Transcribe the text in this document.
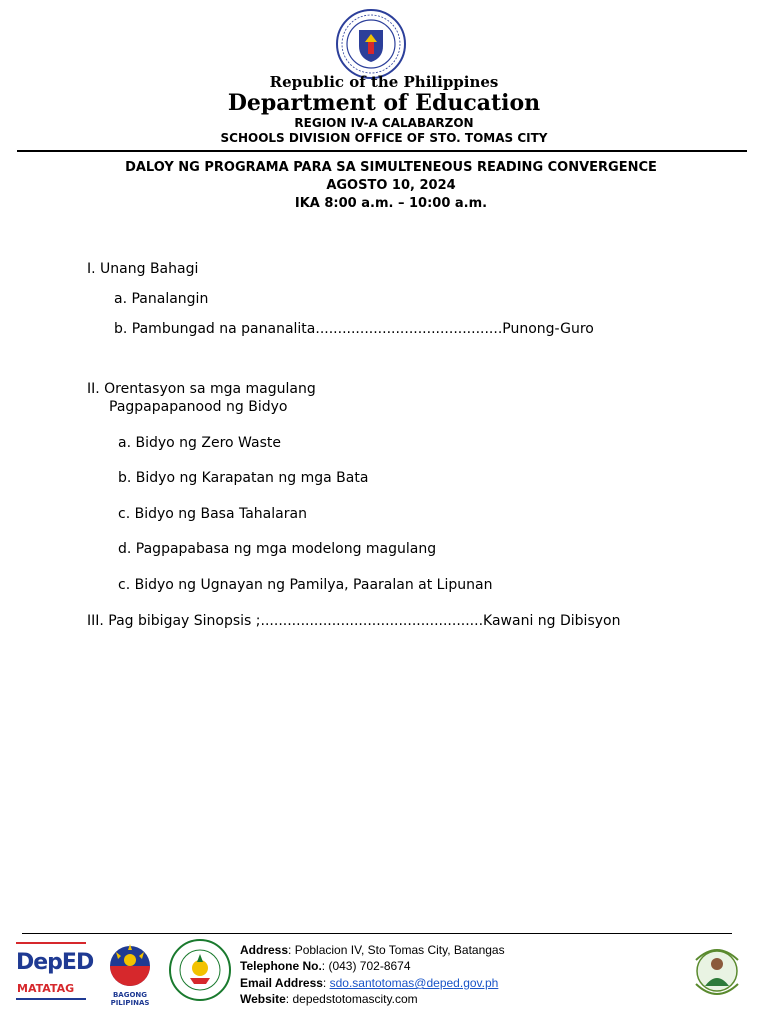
Republic of the Philippines

Department of Education

REGION IV-A CALABARZON

SCHOOLS DIVISION OFFICE OF STO. TOMAS CITY

DALOY NG PROGRAMA PARA SA SIMULTENEOUS READING CONVERGENCE
AGOSTO 10, 2024
IKA 8:00 a.m. – 10:00 a.m.
I. Unang Bahagi
a. Panalangin
b. Pambungad na pananalita..........................................Punong-Guro
II. Orentasyon sa mga magulang
Pagpapapanood ng Bidyo
a. Bidyo ng Zero Waste
b. Bidyo ng Karapatan ng mga Bata
c. Bidyo ng Basa Tahalaran
d. Pagpapabasa ng mga modelong magulang
c. Bidyo ng Ugnayan ng Pamilya, Paaralan at Lipunan
III. Pag bibigay Sinopsis ;..................................................Kawani ng Dibisyon
DepED
MATATAG	BAGONG PILIPINAS
Address: Poblacion IV, Sto Tomas City, Batangas
Telephone No.: (043) 702-8674
Email Address: sdo.santotomas@deped.gov.ph
Website: depedstotomascity.com
